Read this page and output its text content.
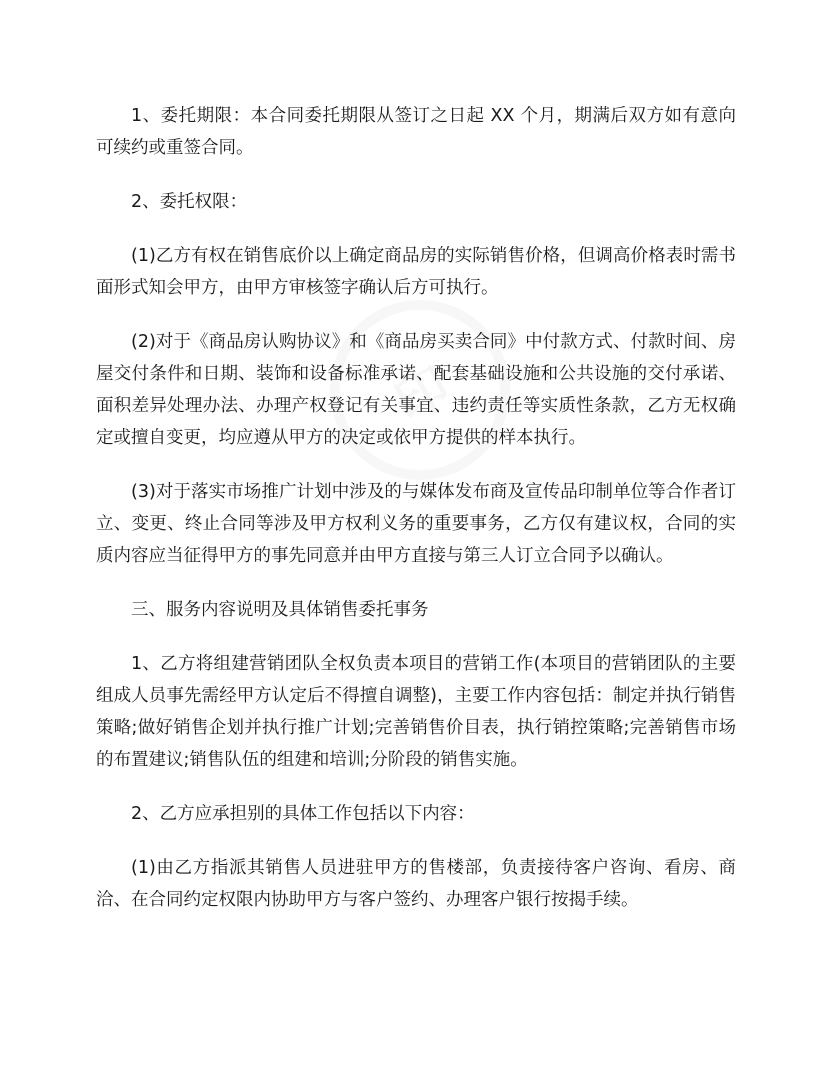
1、委托期限：本合同委托期限从签订之日起 XX 个月，期满后双方如有意向可续约或重签合同。

2、委托权限：

(1)乙方有权在销售底价以上确定商品房的实际销售价格，但调高价格表时需书面形式知会甲方，由甲方审核签字确认后方可执行。

(2)对于《商品房认购协议》和《商品房买卖合同》中付款方式、付款时间、房屋交付条件和日期、装饰和设备标准承诺、配套基础设施和公共设施的交付承诺、面积差异处理办法、办理产权登记有关事宜、违约责任等实质性条款，乙方无权确定或擅自变更，均应遵从甲方的决定或依甲方提供的样本执行。

(3)对于落实市场推广计划中涉及的与媒体发布商及宣传品印制单位等合作者订立、变更、终止合同等涉及甲方权利义务的重要事务，乙方仅有建议权，合同的实质内容应当征得甲方的事先同意并由甲方直接与第三人订立合同予以确认。

三、服务内容说明及具体销售委托事务

1、乙方将组建营销团队全权负责本项目的营销工作(本项目的营销团队的主要组成人员事先需经甲方认定后不得擅自调整)，主要工作内容包括：制定并执行销售策略;做好销售企划并执行推广计划;完善销售价目表，执行销控策略;完善销售市场的布置建议;销售队伍的组建和培训;分阶段的销售实施。

2、乙方应承担别的具体工作包括以下内容：

(1)由乙方指派其销售人员进驻甲方的售楼部，负责接待客户咨询、看房、商洽、在合同约定权限内协助甲方与客户签约、办理客户银行按揭手续。
